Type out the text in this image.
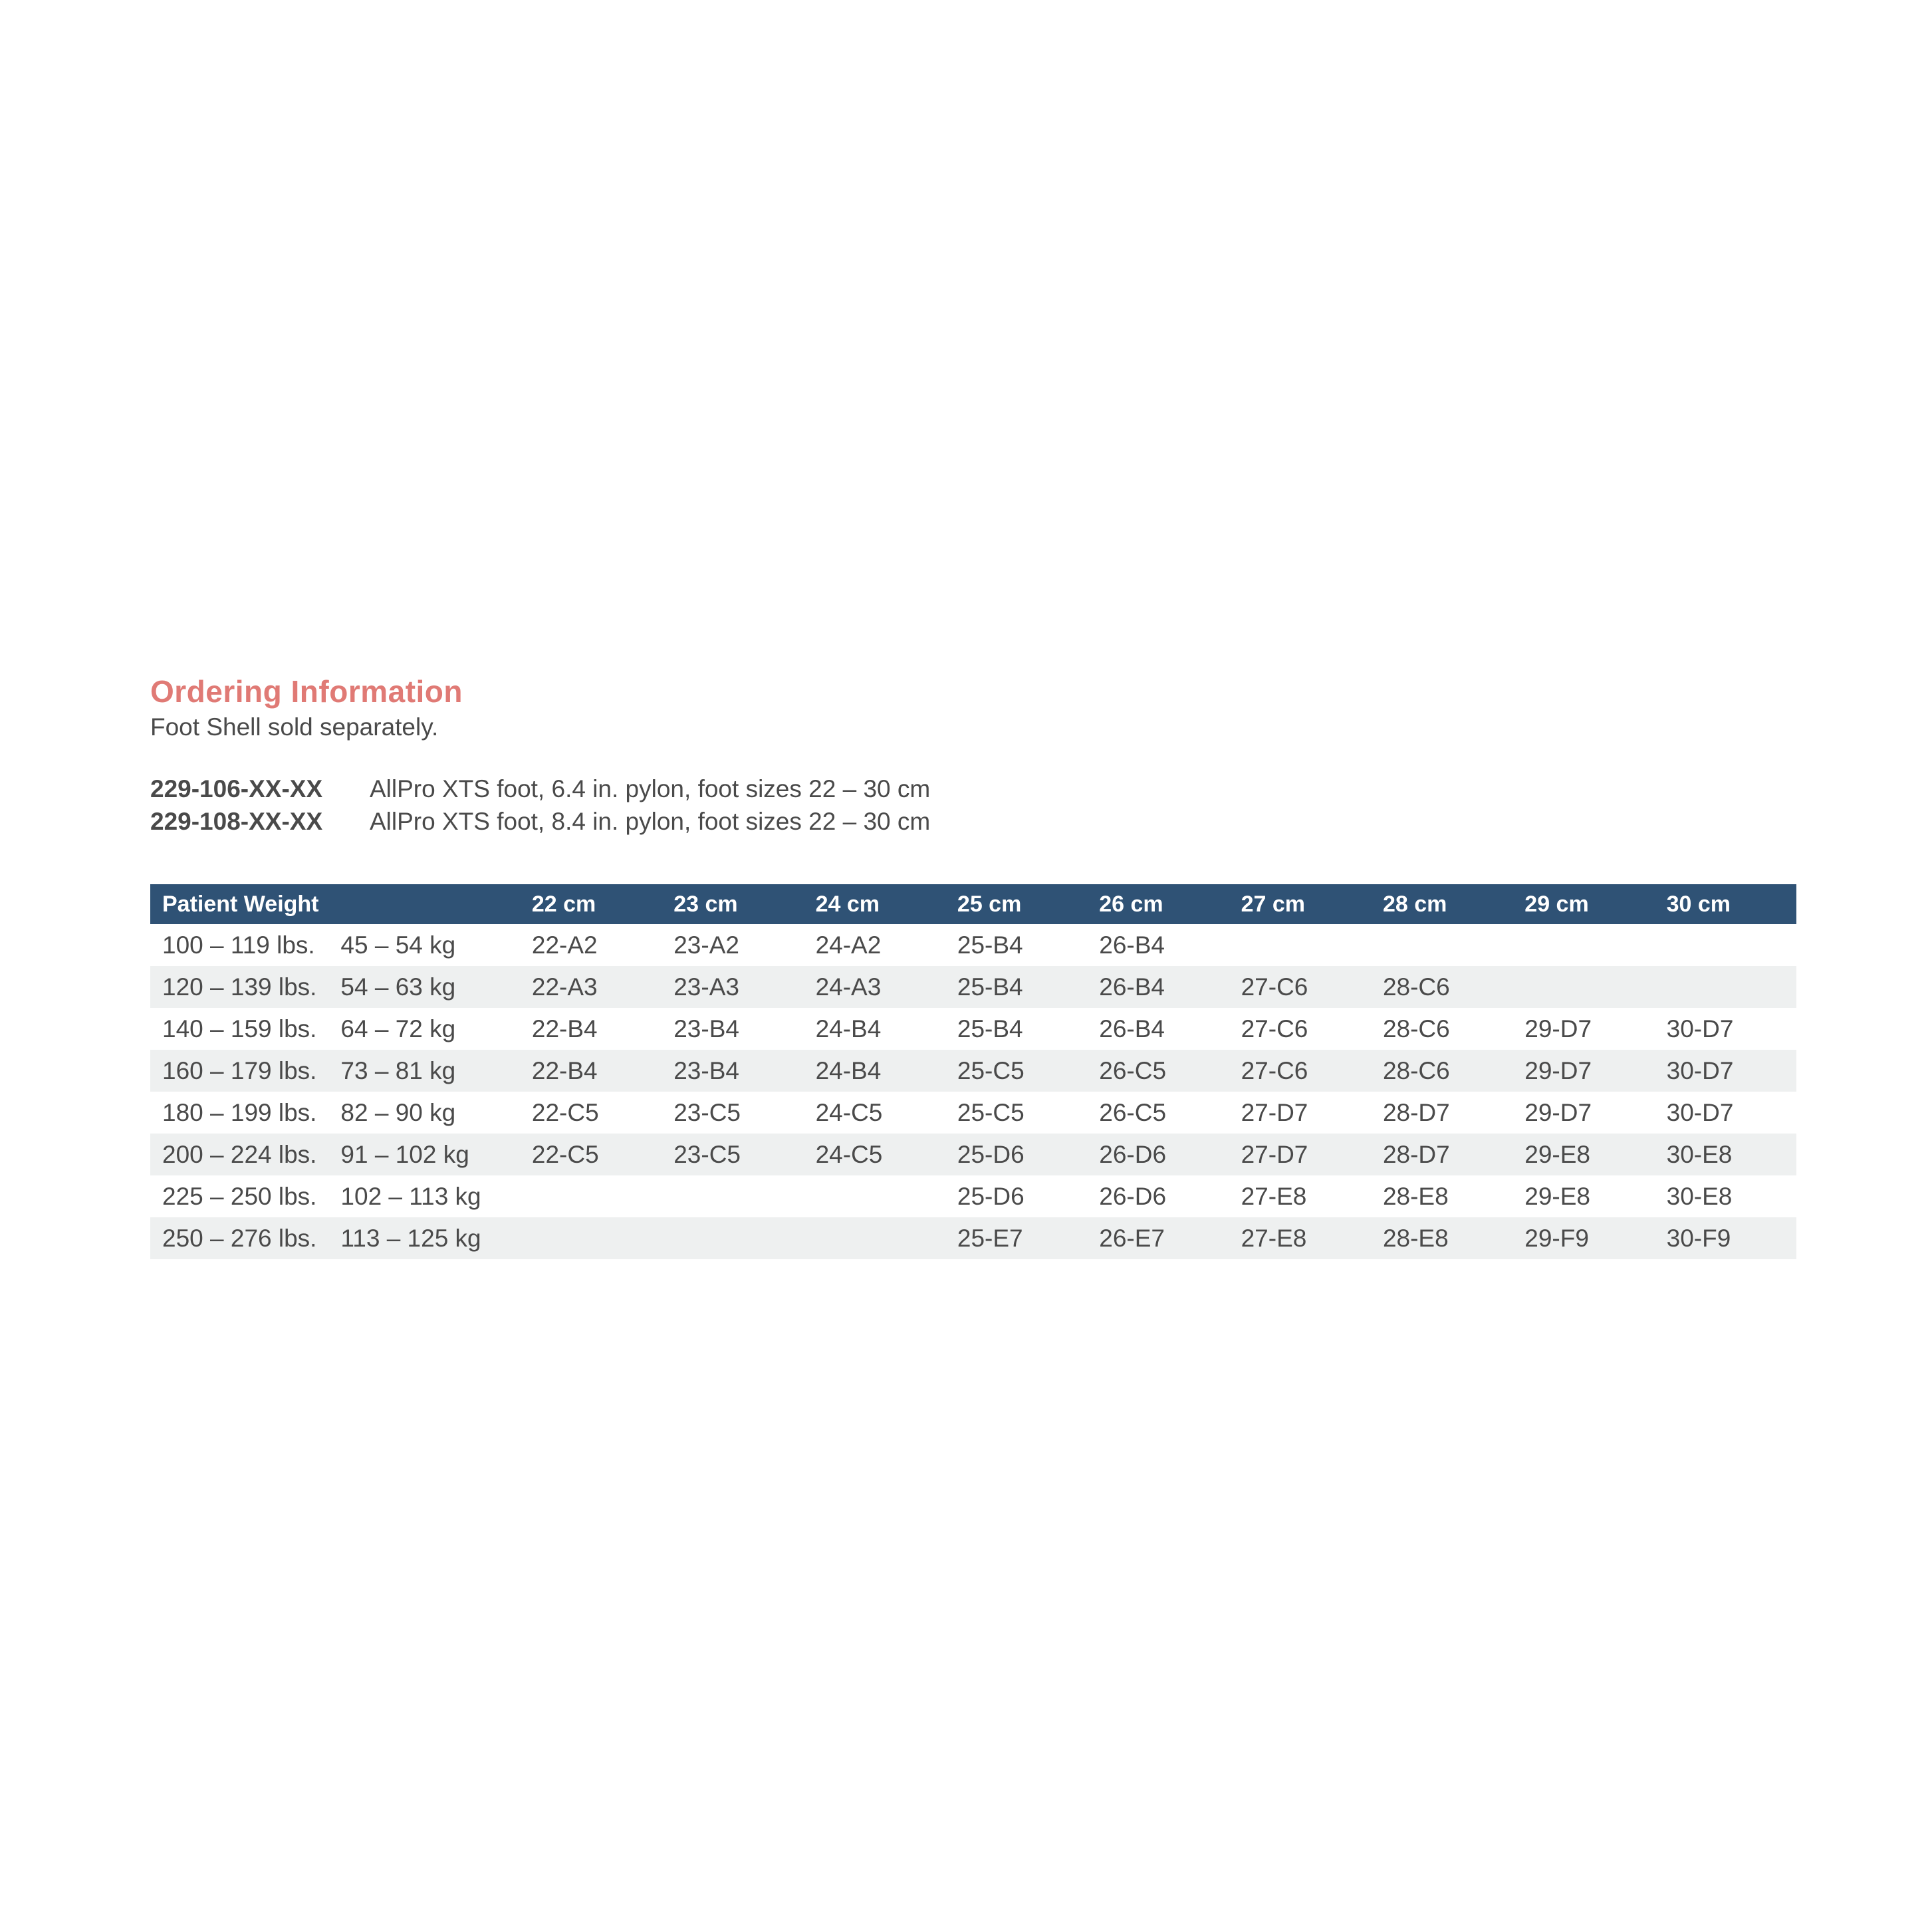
Ordering Information

Foot Shell sold separately.

229-106-XX-XX	AllPro XTS foot, 6.4 in. pylon, foot sizes 22 – 30 cm
229-108-XX-XX	AllPro XTS foot, 8.4 in. pylon, foot sizes 22 – 30 cm
Patient Weight		22 cm	23 cm	24 cm	25 cm	26 cm	27 cm	28 cm	29 cm	30 cm
100 – 119 lbs.	45 – 54 kg	22-A2	23-A2	24-A2	25-B4	26-B4				
120 – 139 lbs.	54 – 63 kg	22-A3	23-A3	24-A3	25-B4	26-B4	27-C6	28-C6		
140 – 159 lbs.	64 – 72 kg	22-B4	23-B4	24-B4	25-B4	26-B4	27-C6	28-C6	29-D7	30-D7
160 – 179 lbs.	73 – 81 kg	22-B4	23-B4	24-B4	25-C5	26-C5	27-C6	28-C6	29-D7	30-D7
180 – 199 lbs.	82 – 90 kg	22-C5	23-C5	24-C5	25-C5	26-C5	27-D7	28-D7	29-D7	30-D7
200 – 224 lbs.	91 – 102 kg	22-C5	23-C5	24-C5	25-D6	26-D6	27-D7	28-D7	29-E8	30-E8
225 – 250 lbs.	102 – 113 kg				25-D6	26-D6	27-E8	28-E8	29-E8	30-E8
250 – 276 lbs.	113 – 125 kg				25-E7	26-E7	27-E8	28-E8	29-F9	30-F9
